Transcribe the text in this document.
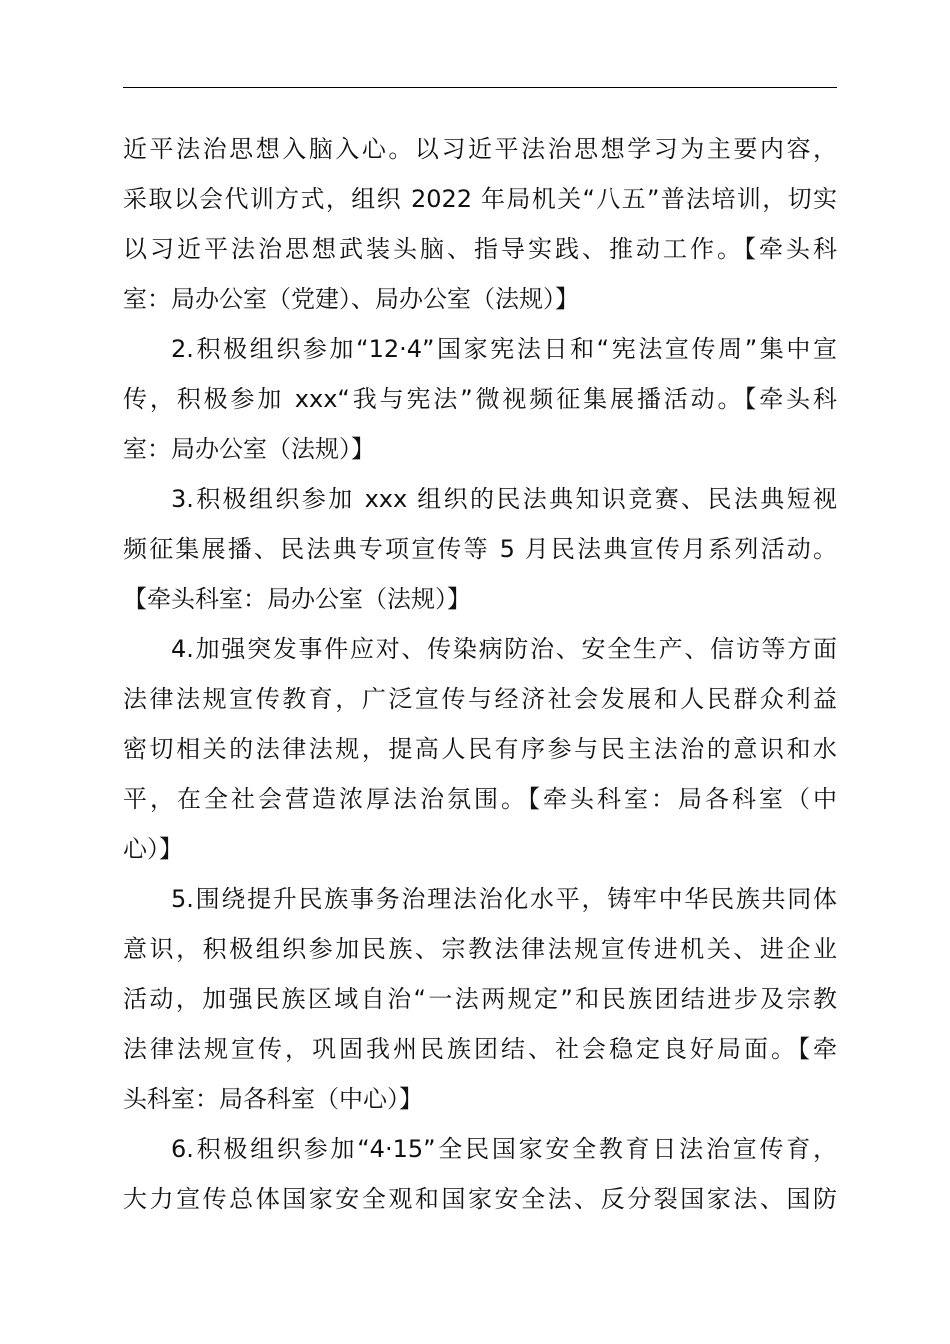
近平法治思想入脑入心。以习近平法治思想学习为主要内容，
采取以会代训方式，组织 2022 年局机关“八五”普法培训，切实
以习近平法治思想武装头脑、指导实践、推动工作。【牵头科
室：局办公室（党建）、局办公室（法规）】
2.积极组织参加“12·4”国家宪法日和“宪法宣传周”集中宣
传，积极参加 xxx“我与宪法”微视频征集展播活动。【牵头科
室：局办公室（法规）】
3.积极组织参加 xxx 组织的民法典知识竞赛、民法典短视
频征集展播、民法典专项宣传等 5 月民法典宣传月系列活动。
【牵头科室：局办公室（法规）】
4.加强突发事件应对、传染病防治、安全生产、信访等方面
法律法规宣传教育，广泛宣传与经济社会发展和人民群众利益
密切相关的法律法规，提高人民有序参与民主法治的意识和水
平，在全社会营造浓厚法治氛围。【牵头科室：局各科室（中
心）】
5.围绕提升民族事务治理法治化水平，铸牢中华民族共同体
意识，积极组织参加民族、宗教法律法规宣传进机关、进企业
活动，加强民族区域自治“一法两规定”和民族团结进步及宗教
法律法规宣传，巩固我州民族团结、社会稳定良好局面。【牵
头科室：局各科室（中心）】
6.积极组织参加“4·15”全民国家安全教育日法治宣传育，
大力宣传总体国家安全观和国家安全法、反分裂国家法、国防
